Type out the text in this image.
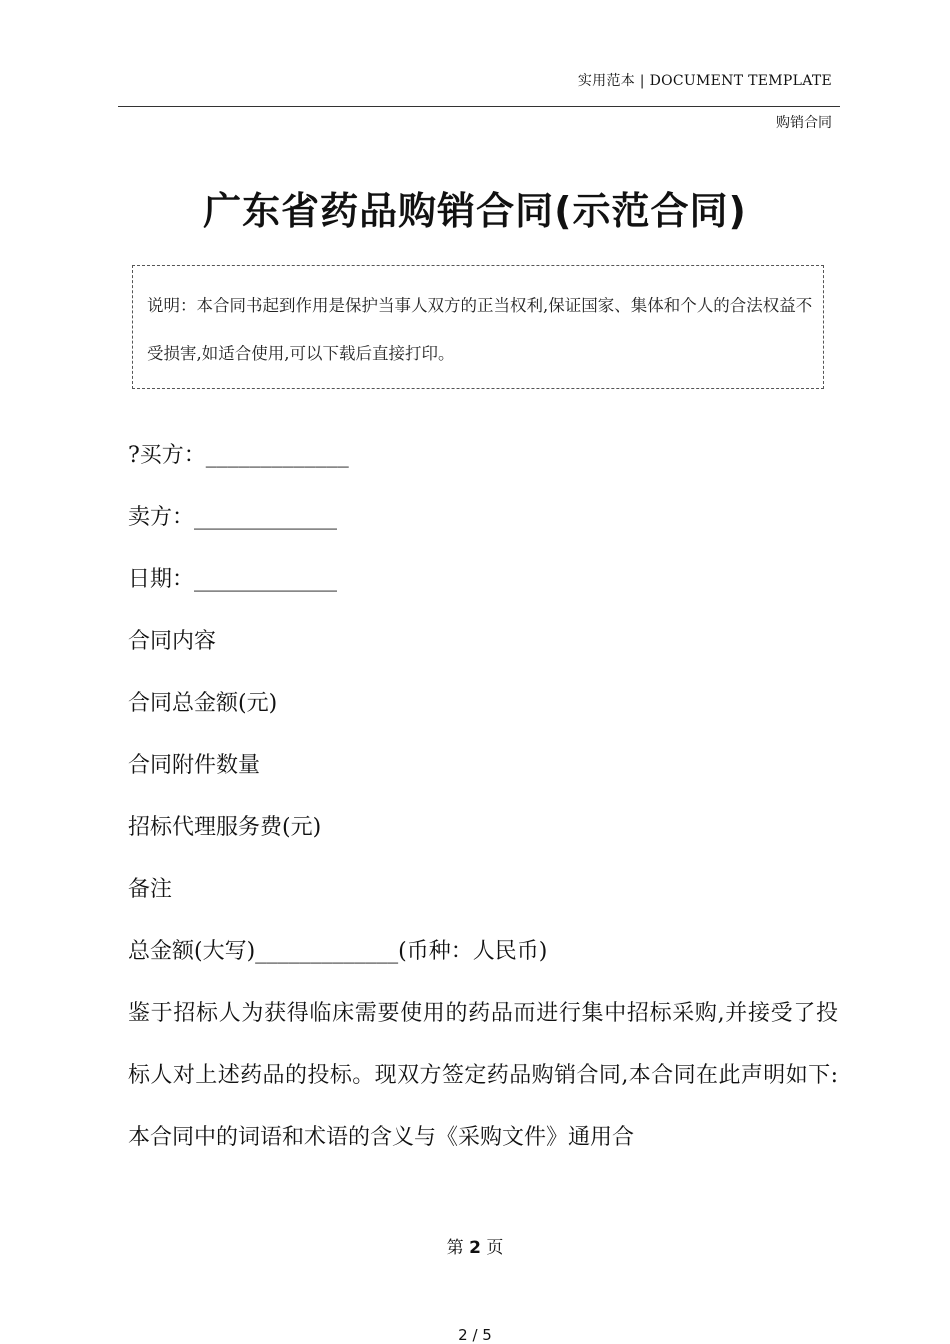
实用范本 | DOCUMENT TEMPLATE
购销合同
广东省药品购销合同(示范合同)
说明：本合同书起到作用是保护当事人双方的正当权利,保证国家、集体和个人的合法权益不受损害,如适合使用,可以下载后直接打印。
?买方：_____________
卖方：_____________
日期：_____________
合同内容
合同总金额(元)
合同附件数量
招标代理服务费(元)
备注
总金额(大写)_____________(币种：人民币)
鉴于招标人为获得临床需要使用的药品而进行集中招标采购,并接受了投标人对上述药品的投标。现双方签定药品购销合同,本合同在此声明如下:本合同中的词语和术语的含义与《采购文件》通用合
第 2 页
2 / 5
